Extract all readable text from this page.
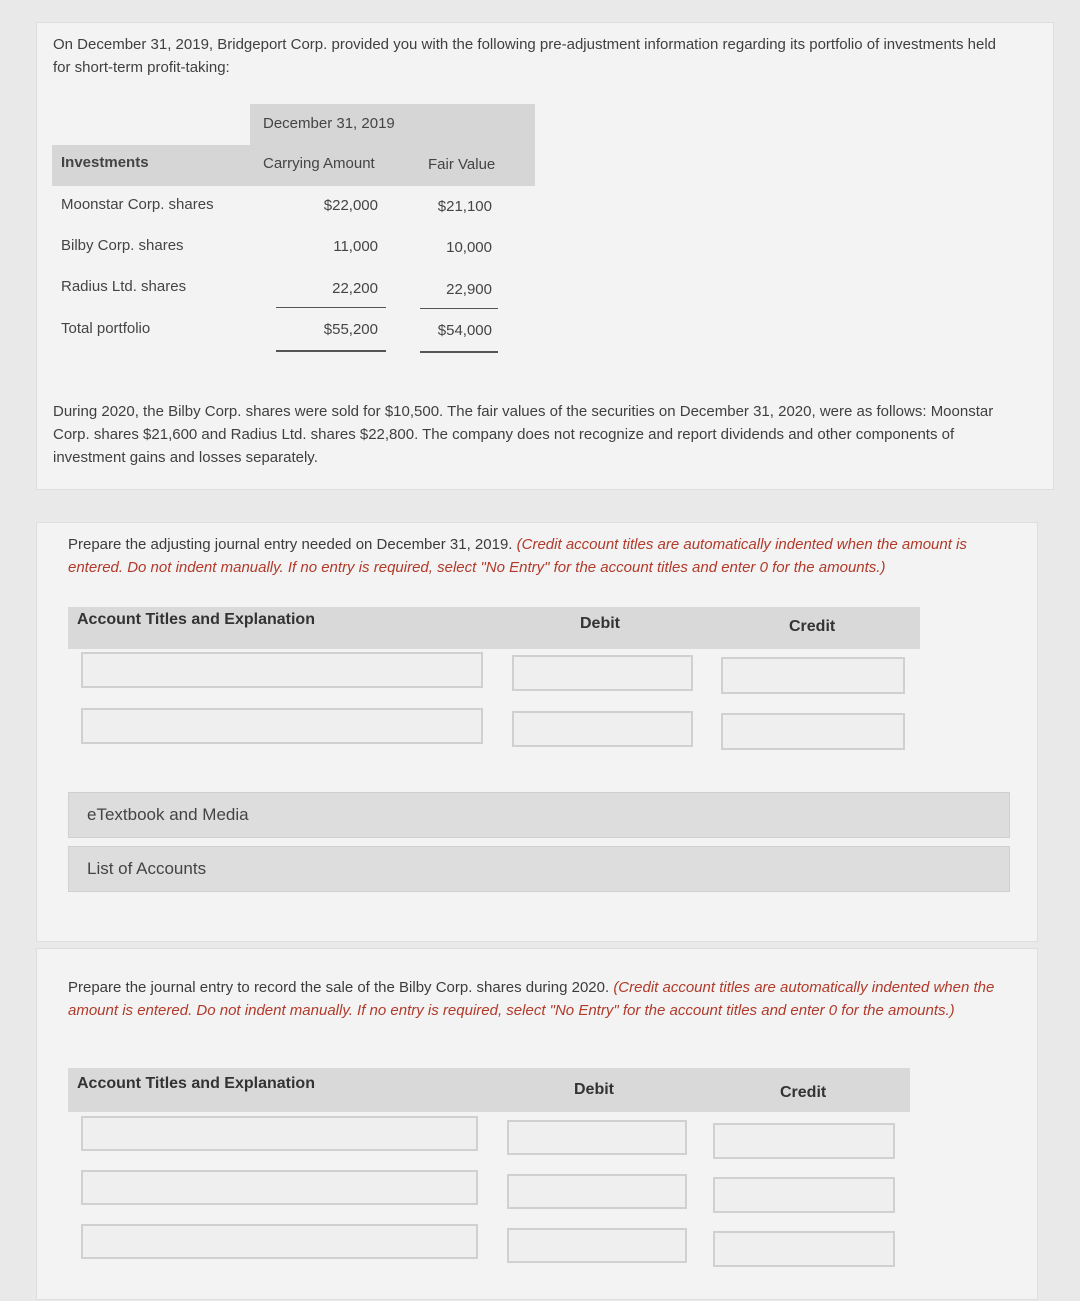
On December 31, 2019, Bridgeport Corp. provided you with the following pre-adjustment information regarding its portfolio of investments held for short-term profit-taking:
December 31, 2019
Investments	Carrying Amount	Fair Value
Moonstar Corp. shares	$22,000	$21,100
Bilby Corp. shares	11,000	10,000
Radius Ltd. shares	22,200	22,900
Total portfolio	$55,200	$54,000
During 2020, the Bilby Corp. shares were sold for $10,500. The fair values of the securities on December 31, 2020, were as follows: Moonstar Corp. shares $21,600 and Radius Ltd. shares $22,800. The company does not recognize and report dividends and other components of investment gains and losses separately.
Prepare the adjusting journal entry needed on December 31, 2019. (Credit account titles are automatically indented when the amount is entered. Do not indent manually. If no entry is required, select "No Entry" for the account titles and enter 0 for the amounts.)
Account Titles and Explanation	Debit	Credit
eTextbook and Media
List of Accounts
Prepare the journal entry to record the sale of the Bilby Corp. shares during 2020. (Credit account titles are automatically indented when the amount is entered. Do not indent manually. If no entry is required, select "No Entry" for the account titles and enter 0 for the amounts.)
Account Titles and Explanation	Debit	Credit
